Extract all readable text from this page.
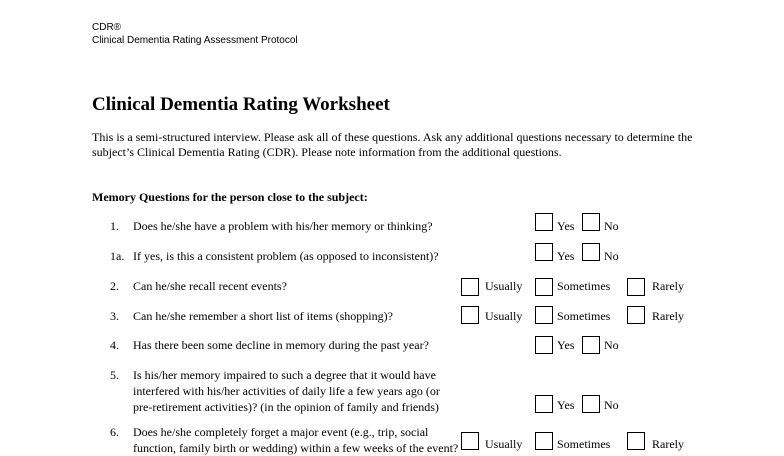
CDR®
Clinical Dementia Rating Assessment Protocol
Clinical Dementia Rating Worksheet
This is a semi-structured interview. Please ask all of these questions. Ask any additional questions necessary to determine the subject’s Clinical Dementia Rating (CDR). Please note information from the additional questions.
Memory Questions for the person close to the subject:
1. Does he/she have a problem with his/her memory or thinking?	Yes No
1a. If yes, is this a consistent problem (as opposed to inconsistent)?	Yes No
2. Can he/she recall recent events?	Usually	Sometimes	Rarely
3. Can he/she remember a short list of items (shopping)?	Usually	Sometimes	Rarely
4. Has there been some decline in memory during the past year?	Yes No
5. Is his/her memory impaired to such a degree that it would have
interfered with his/her activities of daily life a few years ago (or
pre-retirement activities)? (in the opinion of family and friends)	Yes No
6. Does he/she completely forget a major event (e.g., trip, social
function, family birth or wedding) within a few weeks of the event? Usually	Sometimes	Rarely
